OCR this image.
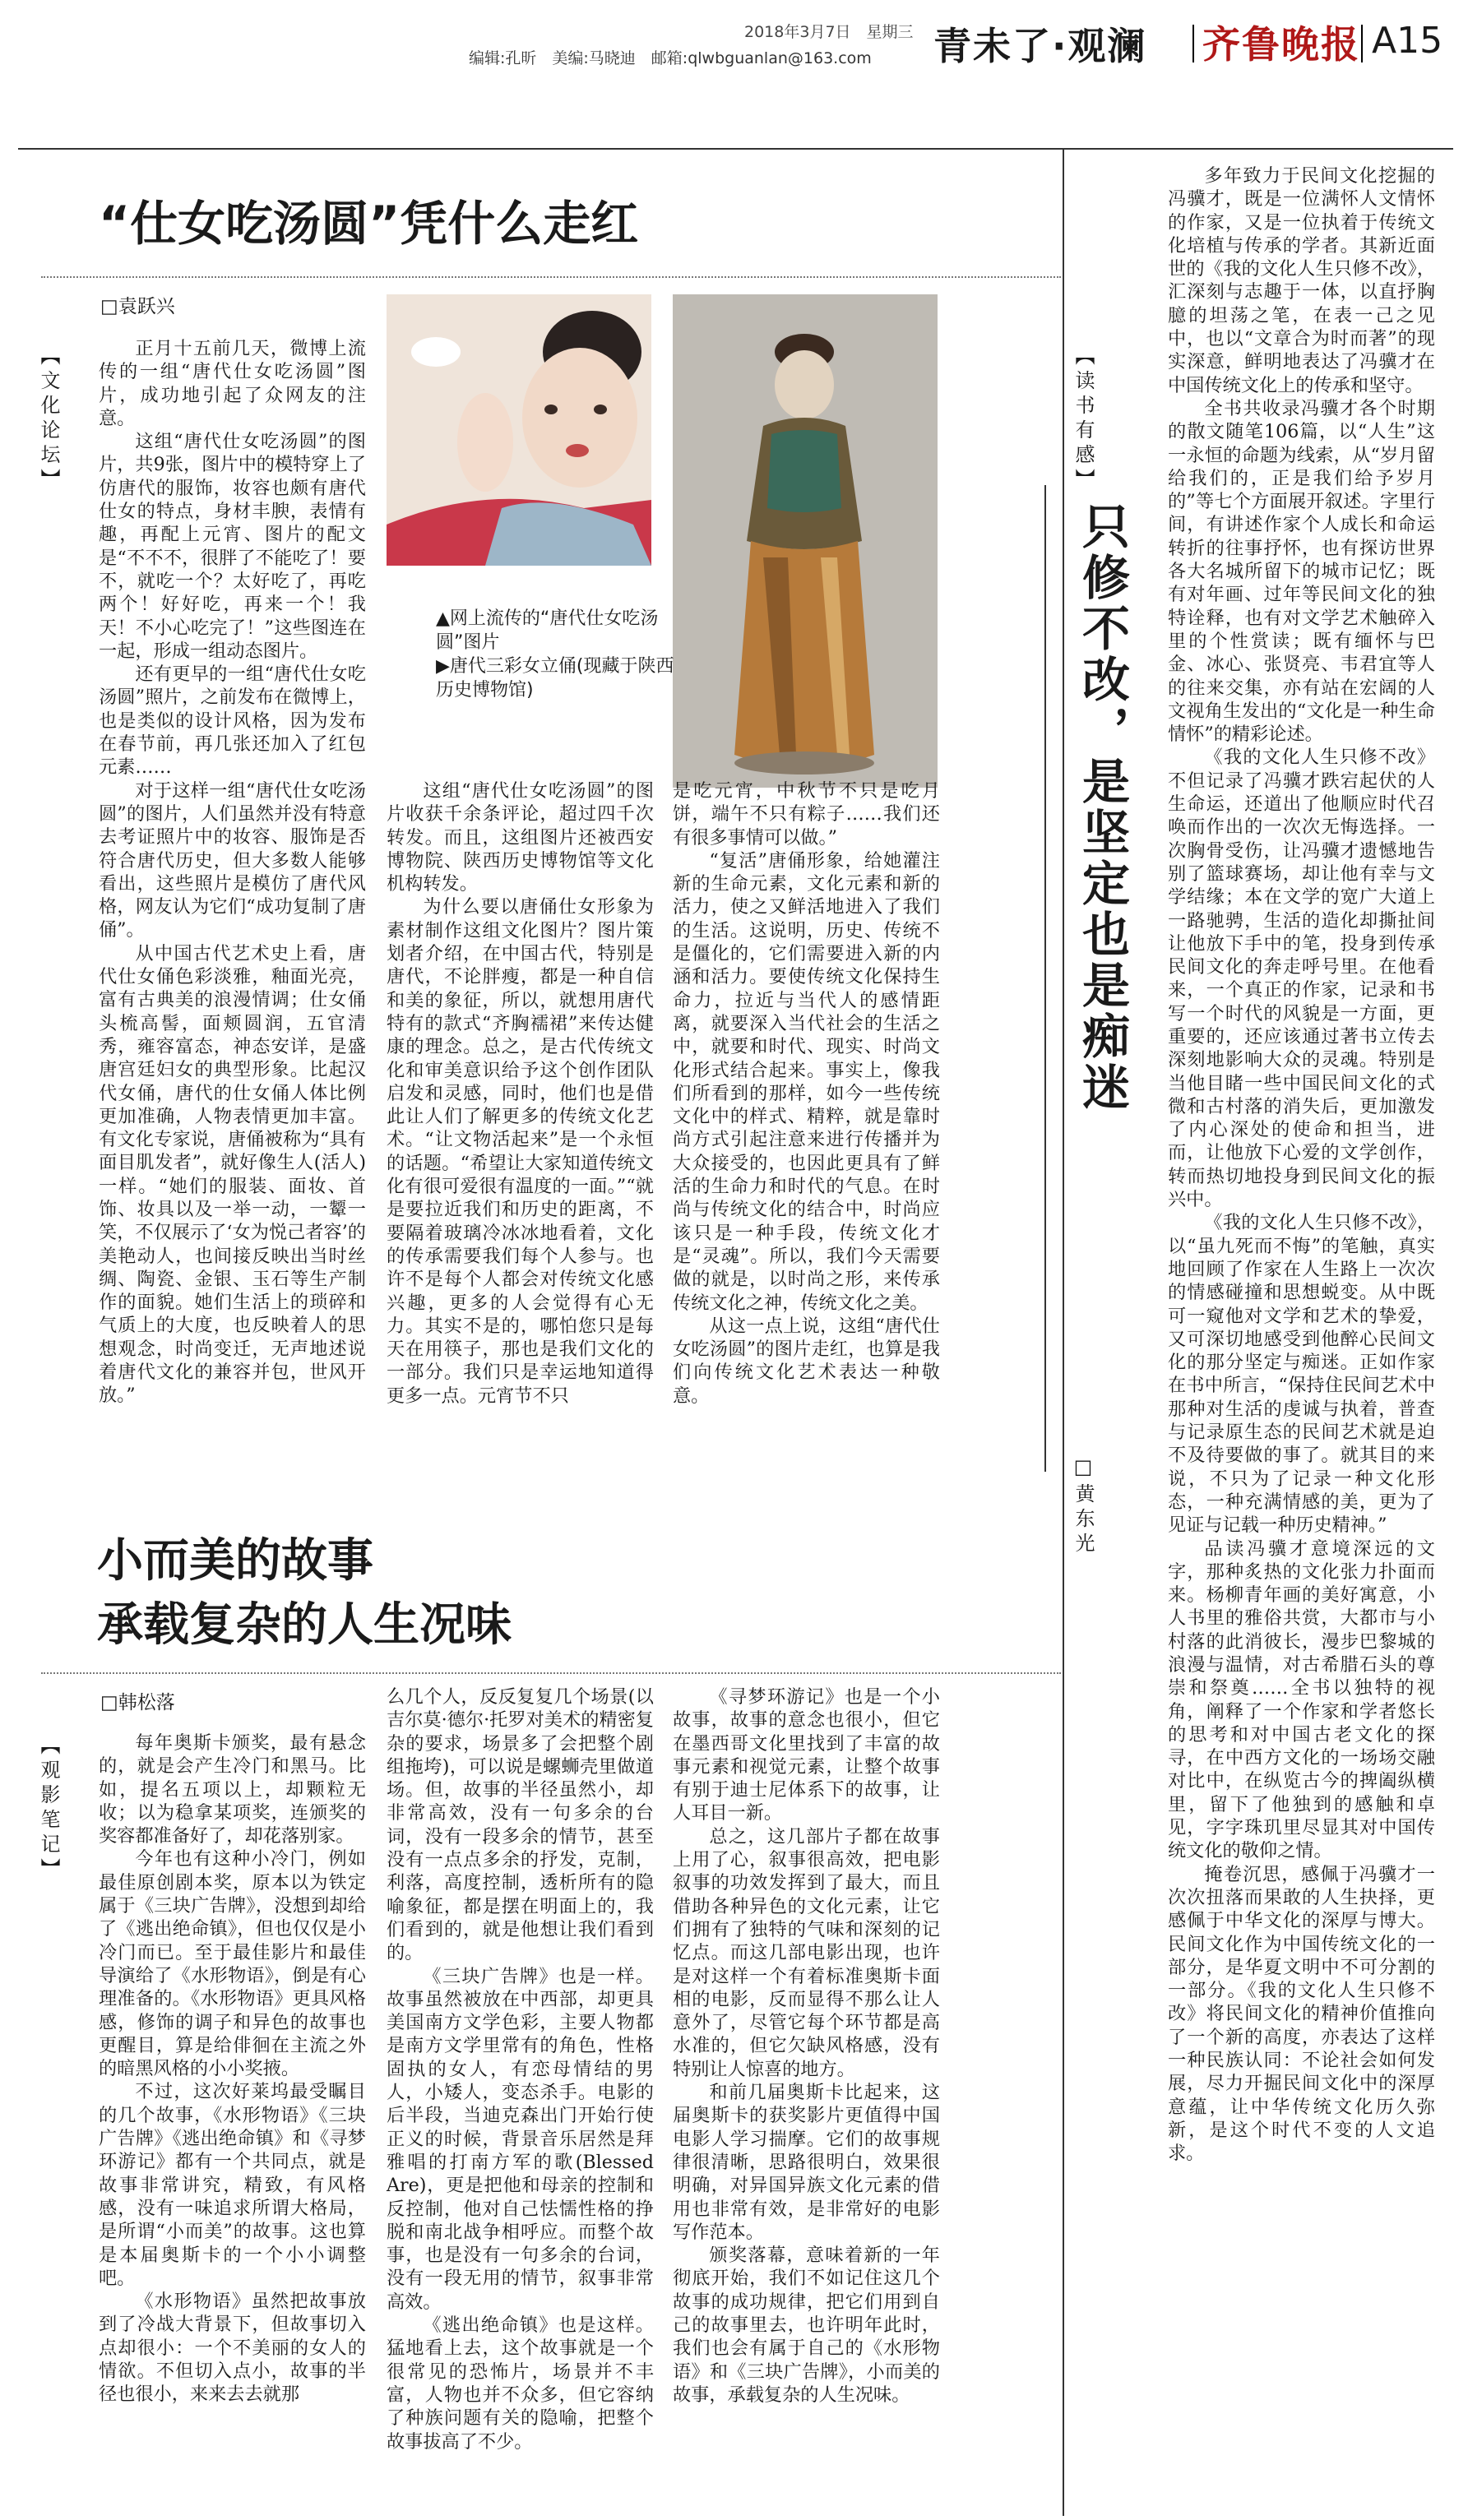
2018年3月7日　星期三
编辑:孔昕　美编:马晓迪　邮箱:qlwbguanlan@163.com 青未了·观澜 齐鲁晚报 A15
“仕女吃汤圆”凭什么走红
□袁跃兴
【文化论坛】	正月十五前几天，微博上流传的一组“唐代仕女吃汤圆”图片，成功地引起了众网友的注意。

这组“唐代仕女吃汤圆”的图片，共9张，图片中的模特穿上了仿唐代的服饰，妆容也颇有唐代仕女的特点，身材丰腴，表情有趣，再配上元宵、图片的配文是“不不不，很胖了不能吃了！要不，就吃一个？太好吃了，再吃两个！好好吃，再来一个！我天！不小心吃完了！”这些图连在一起，形成一组动态图片。

还有更早的一组“唐代仕女吃汤圆”照片，之前发布在微博上，也是类似的设计风格，因为发布在春节前，再几张还加入了红包元素……

对于这样一组“唐代仕女吃汤圆”的图片，人们虽然并没有特意去考证照片中的妆容、服饰是否符合唐代历史，但大多数人能够看出，这些照片是模仿了唐代风格，网友认为它们“成功复制了唐俑”。

从中国古代艺术史上看，唐代仕女俑色彩淡雅，釉面光亮，富有古典美的浪漫情调；仕女俑头梳高髻，面颊圆润，五官清秀，雍容富态，神态安详，是盛唐宫廷妇女的典型形象。比起汉代女俑，唐代的仕女俑人体比例更加准确，人物表情更加丰富。有文化专家说，唐俑被称为“具有面目肌发者”，就好像生人(活人)一样。“她们的服装、面妆、首饰、妆具以及一举一动，一颦一笑，不仅展示了‘女为悦己者容’的美艳动人，也间接反映出当时丝绸、陶瓷、金银、玉石等生产制作的面貌。她们生活上的琐碎和气质上的大度，也反映着人的思想观念，时尚变迁，无声地述说着唐代文化的兼容并包，世风开放。”

▲网上流传的“唐代仕女吃汤圆”图片
▶唐代三彩女立俑(现藏于陕西历史博物馆)

这组“唐代仕女吃汤圆”的图片收获千余条评论，超过四千次转发。而且，这组图片还被西安博物院、陕西历史博物馆等文化机构转发。

为什么要以唐俑仕女形象为素材制作这组文化图片？图片策划者介绍，在中国古代，特别是唐代，不论胖瘦，都是一种自信和美的象征，所以，就想用唐代特有的款式“齐胸襦裙”来传达健康的理念。总之，是古代传统文化和审美意识给予这个创作团队启发和灵感，同时，他们也是借此让人们了解更多的传统文化艺术。“让文物活起来”是一个永恒的话题。“希望让大家知道传统文化有很可爱很有温度的一面。”“就是要拉近我们和历史的距离，不要隔着玻璃冷冰冰地看着，文化的传承需要我们每个人参与。也许不是每个人都会对传统文化感兴趣，更多的人会觉得有心无力。其实不是的，哪怕您只是每天在用筷子，那也是我们文化的一部分。我们只是幸运地知道得更多一点。元宵节不只

是吃元宵，中秋节不只是吃月饼，端午不只有粽子……我们还有很多事情可以做。”

“复活”唐俑形象，给她灌注新的生命元素，文化元素和新的活力，使之又鲜活地进入了我们的生活。这说明，历史、传统不是僵化的，它们需要进入新的内涵和活力。要使传统文化保持生命力，拉近与当代人的感情距离，就要深入当代社会的生活之中，就要和时代、现实、时尚文化形式结合起来。事实上，像我们所看到的那样，如今一些传统文化中的样式、精粹，就是靠时尚方式引起注意来进行传播并为大众接受的，也因此更具有了鲜活的生命力和时代的气息。在时尚与传统文化的结合中，时尚应该只是一种手段，传统文化才是“灵魂”。所以，我们今天需要做的就是，以时尚之形，来传承传统文化之神，传统文化之美。

从这一点上说，这组“唐代仕女吃汤圆”的图片走红，也算是我们向传统文化艺术表达一种敬意。

小而美的故事
承载复杂的人生况味
□韩松落
【观影笔记】	每年奥斯卡颁奖，最有悬念的，就是会产生冷门和黑马。比如，提名五项以上，却颗粒无收；以为稳拿某项奖，连颁奖的奖容都准备好了，却花落别家。

今年也有这种小冷门，例如最佳原创剧本奖，原本以为铁定属于《三块广告牌》，没想到却给了《逃出绝命镇》，但也仅仅是小冷门而已。至于最佳影片和最佳导演给了《水形物语》，倒是有心理准备的。《水形物语》更具风格感，修饰的调子和异色的故事也更醒目，算是给俳徊在主流之外的暗黑风格的小小奖掖。

不过，这次好莱坞最受瞩目的几个故事，《水形物语》《三块广告牌》《逃出绝命镇》和《寻梦环游记》都有一个共同点，就是故事非常讲究，精致，有风格感，没有一味追求所谓大格局，是所谓“小而美”的故事。这也算是本届奥斯卡的一个小小调整吧。

《水形物语》虽然把故事放到了冷战大背景下，但故事切入点却很小：一个不美丽的女人的情欲。不但切入点小，故事的半径也很小，来来去去就那

么几个人，反反复复几个场景(以吉尔莫·德尔·托罗对美术的精密复杂的要求，场景多了会把整个剧组拖垮)，可以说是螺蛳壳里做道场。但，故事的半径虽然小，却非常高效，没有一句多余的台词，没有一段多余的情节，甚至没有一点点多余的抒发，克制，利落，高度控制，透析所有的隐喻象征，都是摆在明面上的，我们看到的，就是他想让我们看到的。

《三块广告牌》也是一样。故事虽然被放在中西部，却更具美国南方文学色彩，主要人物都是南方文学里常有的角色，性格固执的女人，有恋母情结的男人，小矮人，变态杀手。电影的后半段，当迪克森出门开始行使正义的时候，背景音乐居然是拜雅唱的打南方军的歌(Blessed Are)，更是把他和母亲的控制和反控制，他对自己怯懦性格的挣脱和南北战争相呼应。而整个故事，也是没有一句多余的台词，没有一段无用的情节，叙事非常高效。

《逃出绝命镇》也是这样。猛地看上去，这个故事就是一个很常见的恐怖片，场景并不丰富，人物也并不众多，但它容纳了种族问题有关的隐喻，把整个故事拔高了不少。

《寻梦环游记》也是一个小故事，故事的意念也很小，但它在墨西哥文化里找到了丰富的故事元素和视觉元素，让整个故事有别于迪士尼体系下的故事，让人耳目一新。

总之，这几部片子都在故事上用了心，叙事很高效，把电影叙事的功效发挥到了最大，而且借助各种异色的文化元素，让它们拥有了独特的气味和深刻的记忆点。而这几部电影出现，也许是对这样一个有着标准奥斯卡面相的电影，反而显得不那么让人意外了，尽管它每个环节都是高水准的，但它欠缺风格感，没有特别让人惊喜的地方。

和前几届奥斯卡比起来，这届奥斯卡的获奖影片更值得中国电影人学习揣摩。它们的故事规律很清晰，思路很明白，效果很明确，对异国异族文化元素的借用也非常有效，是非常好的电影写作范本。

颁奖落幕，意味着新的一年彻底开始，我们不如记住这几个故事的成功规律，把它们用到自己的故事里去，也许明年此时，我们也会有属于自己的《水形物语》和《三块广告牌》，小而美的故事，承载复杂的人生况味。

【读书有感】
只修不改，是坚定也是痴迷
□黄东光

多年致力于民间文化挖掘的冯骥才，既是一位满怀人文情怀的作家，又是一位执着于传统文化培植与传承的学者。其新近面世的《我的文化人生只修不改》，汇深刻与志趣于一体，以直抒胸臆的坦荡之笔，在表一己之见中，也以“文章合为时而著”的现实深意，鲜明地表达了冯骥才在中国传统文化上的传承和坚守。

全书共收录冯骥才各个时期的散文随笔106篇，以“人生”这一永恒的命题为线索，从“岁月留给我们的，正是我们给予岁月的”等七个方面展开叙述。字里行间，有讲述作家个人成长和命运转折的往事抒怀，也有探访世界各大名城所留下的城市记忆；既有对年画、过年等民间文化的独特诠释，也有对文学艺术触碎入里的个性赏读；既有缅怀与巴金、冰心、张贤亮、韦君宜等人的往来交集，亦有站在宏阔的人文视角生发出的“文化是一种生命情怀”的精彩论述。

《我的文化人生只修不改》不但记录了冯骥才跌宕起伏的人生命运，还道出了他顺应时代召唤而作出的一次次无悔选择。一次胸骨受伤，让冯骥才遗憾地告别了篮球赛场，却让他有幸与文学结缘；本在文学的宽广大道上一路驰骋，生活的造化却撕扯间让他放下手中的笔，投身到传承民间文化的奔走呼号里。在他看来，一个真正的作家，记录和书写一个时代的风貌是一方面，更重要的，还应该通过著书立传去深刻地影响大众的灵魂。特别是当他目睹一些中国民间文化的式微和古村落的消失后，更加激发了内心深处的使命和担当，进而，让他放下心爱的文学创作，转而热切地投身到民间文化的振兴中。

《我的文化人生只修不改》，以“虽九死而不悔”的笔触，真实地回顾了作家在人生路上一次次的情感碰撞和思想蜕变。从中既可一窥他对文学和艺术的挚爱，又可深切地感受到他醉心民间文化的那分坚定与痴迷。正如作家在书中所言，“保持住民间艺术中那种对生活的虔诚与执着，普查与记录原生态的民间艺术就是迫不及待要做的事了。就其目的来说，不只为了记录一种文化形态，一种充满情感的美，更为了见证与记载一种历史精神。”

品读冯骥才意境深远的文字，那种炙热的文化张力扑面而来。杨柳青年画的美好寓意，小人书里的雅俗共赏，大都市与小村落的此消彼长，漫步巴黎城的浪漫与温情，对古希腊石头的尊崇和祭奠……全书以独特的视角，阐释了一个作家和学者悠长的思考和对中国古老文化的探寻，在中西方文化的一场场交融对比中，在纵览古今的捭阖纵横里，留下了他独到的感触和卓见，字字珠玑里尽显其对中国传统文化的敬仰之情。

掩卷沉思，感佩于冯骥才一次次扭落而果敢的人生抉择，更感佩于中华文化的深厚与博大。民间文化作为中国传统文化的一部分，是华夏文明中不可分割的一部分。《我的文化人生只修不改》将民间文化的精神价值推向了一个新的高度，亦表达了这样一种民族认同：不论社会如何发展，尽力开掘民间文化中的深厚意蕴，让中华传统文化历久弥新，是这个时代不变的人文追求。
